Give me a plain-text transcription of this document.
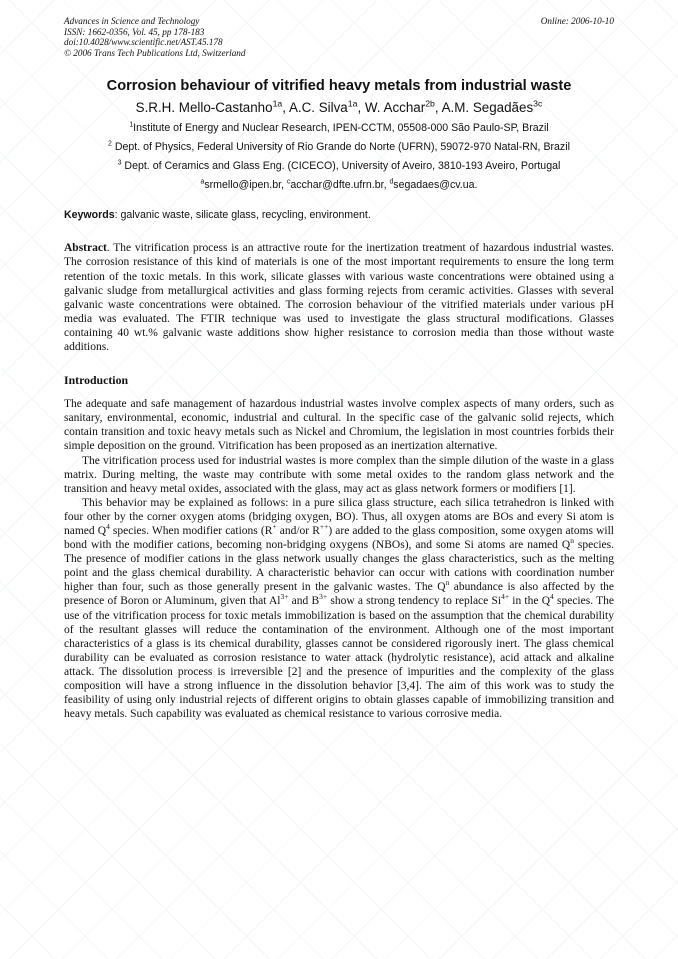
Advances in Science and Technology
ISSN: 1662-0356, Vol. 45, pp 178-183
doi:10.4028/www.scientific.net/AST.45.178
© 2006 Trans Tech Publications Ltd, Switzerland
Online: 2006-10-10
Corrosion behaviour of vitrified heavy metals from industrial waste
S.R.H. Mello-Castanho$^{1a}$, A.C. Silva$^{1a}$, W. Acchar$^{2b}$, A.M. Segadães$^{3c}$
$^1$Institute of Energy and Nuclear Research, IPEN-CCTM, 05508-000 São Paulo-SP, Brazil
$^2$ Dept. of Physics, Federal University of Rio Grande do Norte (UFRN), 59072-970 Natal-RN, Brazil
$^3$ Dept. of Ceramics and Glass Eng. (CICECO), University of Aveiro, 3810-193 Aveiro, Portugal
$^a$srmello@ipen.br, $^c$acchar@dfte.ufrn.br, $^d$segadaes@cv.ua.
Keywords: galvanic waste, silicate glass, recycling, environment.
Abstract. The vitrification process is an attractive route for the inertization treatment of hazardous industrial wastes. The corrosion resistance of this kind of materials is one of the most important requirements to ensure the long term retention of the toxic metals. In this work, silicate glasses with various waste concentrations were obtained using a galvanic sludge from metallurgical activities and glass forming rejects from ceramic activities. Glasses with several galvanic waste concentrations were obtained. The corrosion behaviour of the vitrified materials under various pH media was evaluated. The FTIR technique was used to investigate the glass structural modifications. Glasses containing 40 wt.% galvanic waste additions show higher resistance to corrosion media than those without waste additions.
Introduction

The adequate and safe management of hazardous industrial wastes involve complex aspects of many orders, such as sanitary, environmental, economic, industrial and cultural. In the specific case of the galvanic solid rejects, which contain transition and toxic heavy metals such as Nickel and Chromium, the legislation in most countries forbids their simple deposition on the ground. Vitrification has been proposed as an inertization alternative.

The vitrification process used for industrial wastes is more complex than the simple dilution of the waste in a glass matrix. During melting, the waste may contribute with some metal oxides to the random glass network and the transition and heavy metal oxides, associated with the glass, may act as glass network formers or modifiers [1].

This behavior may be explained as follows: in a pure silica glass structure, each silica tetrahedron is linked with four other by the corner oxygen atoms (bridging oxygen, BO). Thus, all oxygen atoms are BOs and every Si atom is named $Q^4$ species. When modifier cations (R+ and/or R++) are added to the glass composition, some oxygen atoms will bond with the modifier cations, becoming non-bridging oxygens (NBOs), and some Si atoms are named $Q^n$ species. The presence of modifier cations in the glass network usually changes the glass characteristics, such as the melting point and the glass chemical durability. A characteristic behavior can occur with cations with coordination number higher than four, such as those generally present in the galvanic wastes. The $Q^n$ abundance is also affected by the presence of Boron or Aluminum, given that $Al^{3+}$ and $B^{3+}$ show a strong tendency to replace $Si^{4+}$ in the $Q^4$ species. The use of the vitrification process for toxic metals immobilization is based on the assumption that the chemical durability of the resultant glasses will reduce the contamination of the environment. Although one of the most important characteristics of a glass is its chemical durability, glasses cannot be considered rigorously inert. The glass chemical durability can be evaluated as corrosion resistance to water attack (hydrolytic resistance), acid attack and alkaline attack. The dissolution process is irreversible [2] and the presence of impurities and the complexity of the glass composition will have a strong influence in the dissolution behavior [3,4]. The aim of this work was to study the feasibility of using only industrial rejects of different origins to obtain glasses capable of immobilizing transition and heavy metals. Such capability was evaluated as chemical resistance to various corrosive media.
